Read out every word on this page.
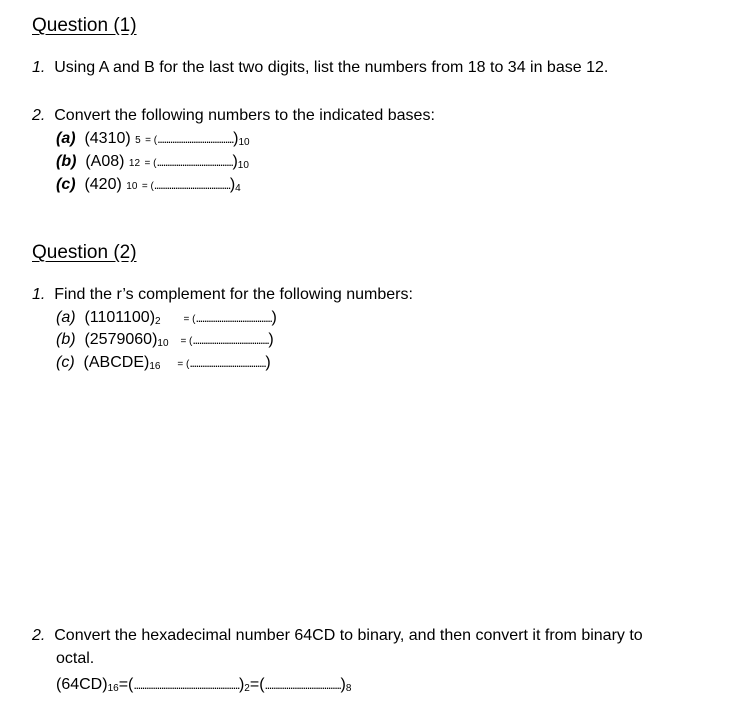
Question (1)
1. Using A and B for the last two digits, list the numbers from 18 to 34 in base 12.
2. Convert the following numbers to the indicated bases:
(a) (4310) $5 = (....................................)_{10}$
(b) (A08) $12 = (....................................)_{10}$
(c) (420) $10 = (....................................)_4$
Question (2)
1. Find the r’s complement for the following numbers:
(a) $(1101100)_2$ = (....................................)
(b) $(2579060)_{10}$ = (....................................)
(c) $(ABCDE)_{16}$ = (....................................)
2. Convert the hexadecimal number 64CD to binary, and then convert it from binary to
octal.
$(64CD)_{16}=(..................................................)_2=(....................................)_8$
